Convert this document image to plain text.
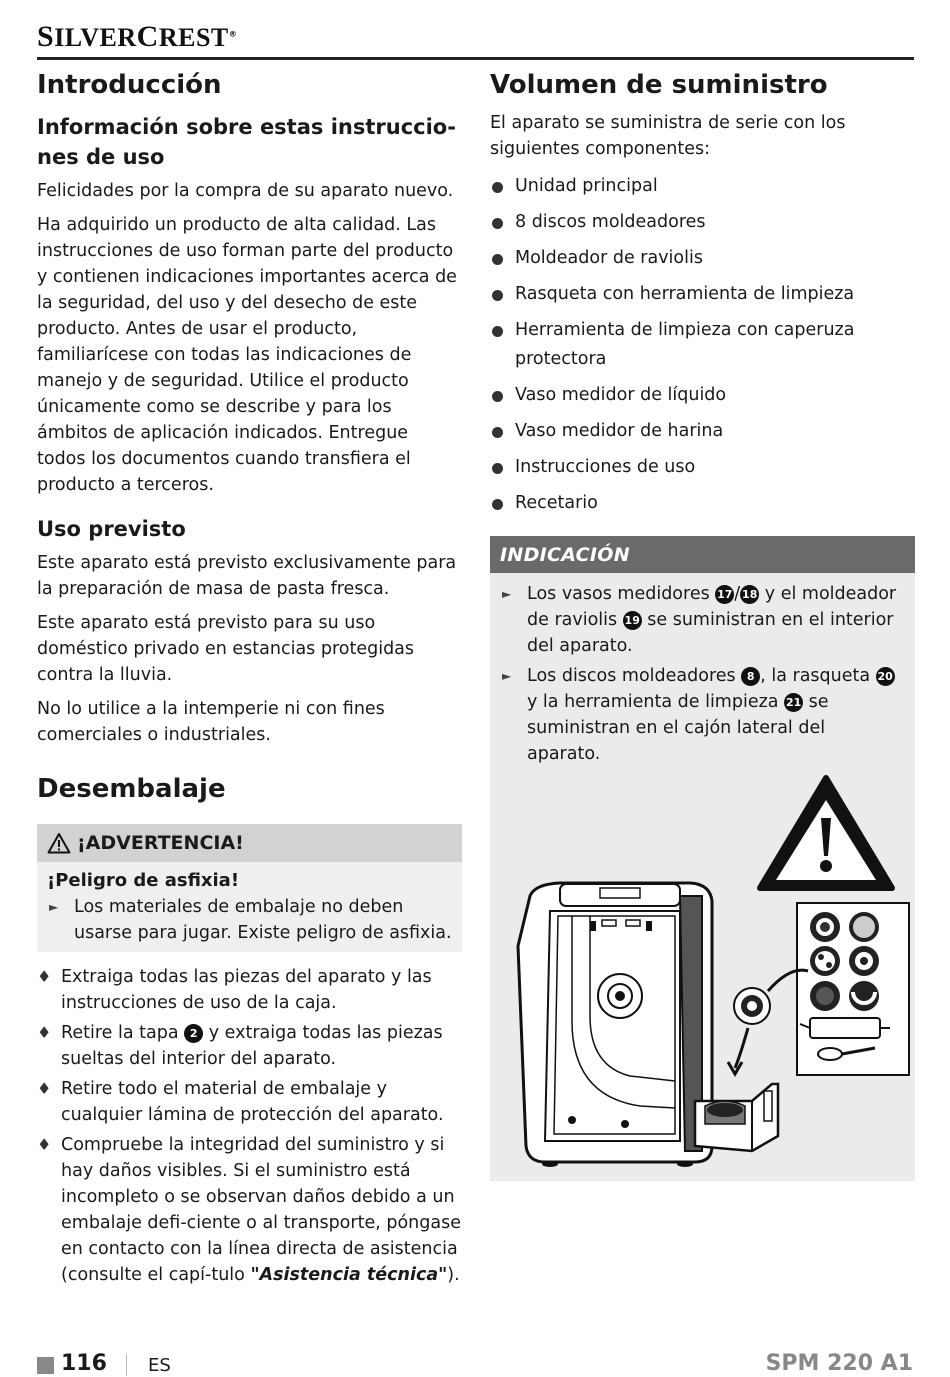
SILVERCREST®
Introducción
Información sobre estas instruccio-nes de uso

Felicidades por la compra de su aparato nuevo.

Ha adquirido un producto de alta calidad. Las instrucciones de uso forman parte del producto y contienen indicaciones importantes acerca de la seguridad, del uso y del desecho de este producto. Antes de usar el producto, familiarícese con todas las indicaciones de manejo y de seguridad. Utilice el producto únicamente como se describe y para los ámbitos de aplicación indicados. Entregue todos los documentos cuando transfiera el producto a terceros.

Uso previsto

Este aparato está previsto exclusivamente para la preparación de masa de pasta fresca.

Este aparato está previsto para su uso doméstico privado en estancias protegidas contra la lluvia.

No lo utilice a la intemperie ni con fines comerciales o industriales.

Desembalaje
¡ADVERTENCIA!
¡Peligro de asfixia!
► Los materiales de embalaje no deben usarse para jugar. Existe peligro de asfixia.
♦ Extraiga todas las piezas del aparato y las instrucciones de uso de la caja.
♦ Retire la tapa 2 y extraiga todas las piezas sueltas del interior del aparato.
♦ Retire todo el material de embalaje y cualquier lámina de protección del aparato.
♦ Compruebe la integridad del suministro y si hay daños visibles. Si el suministro está incompleto o se observan daños debido a un embalaje defi-ciente o al transporte, póngase en contacto con la línea directa de asistencia (consulte el capí-tulo "Asistencia técnica").
Volumen de suministro

El aparato se suministra de serie con los siguientes componentes:

Unidad principal
8 discos moldeadores
Moldeador de raviolis
Rasqueta con herramienta de limpieza
Herramienta de limpieza con caperuza protectora
Vaso medidor de líquido
Vaso medidor de harina
Instrucciones de uso
Recetario
INDICACIÓN
► Los vasos medidores 17 / 18 y el moldeador de raviolis 19 se suministran en el interior del aparato.
► Los discos moldeadores 8 , la rasqueta 20 y la herramienta de limpieza 21 se suministran en el cajón lateral del aparato.
116 ES	SPM 220 A1
